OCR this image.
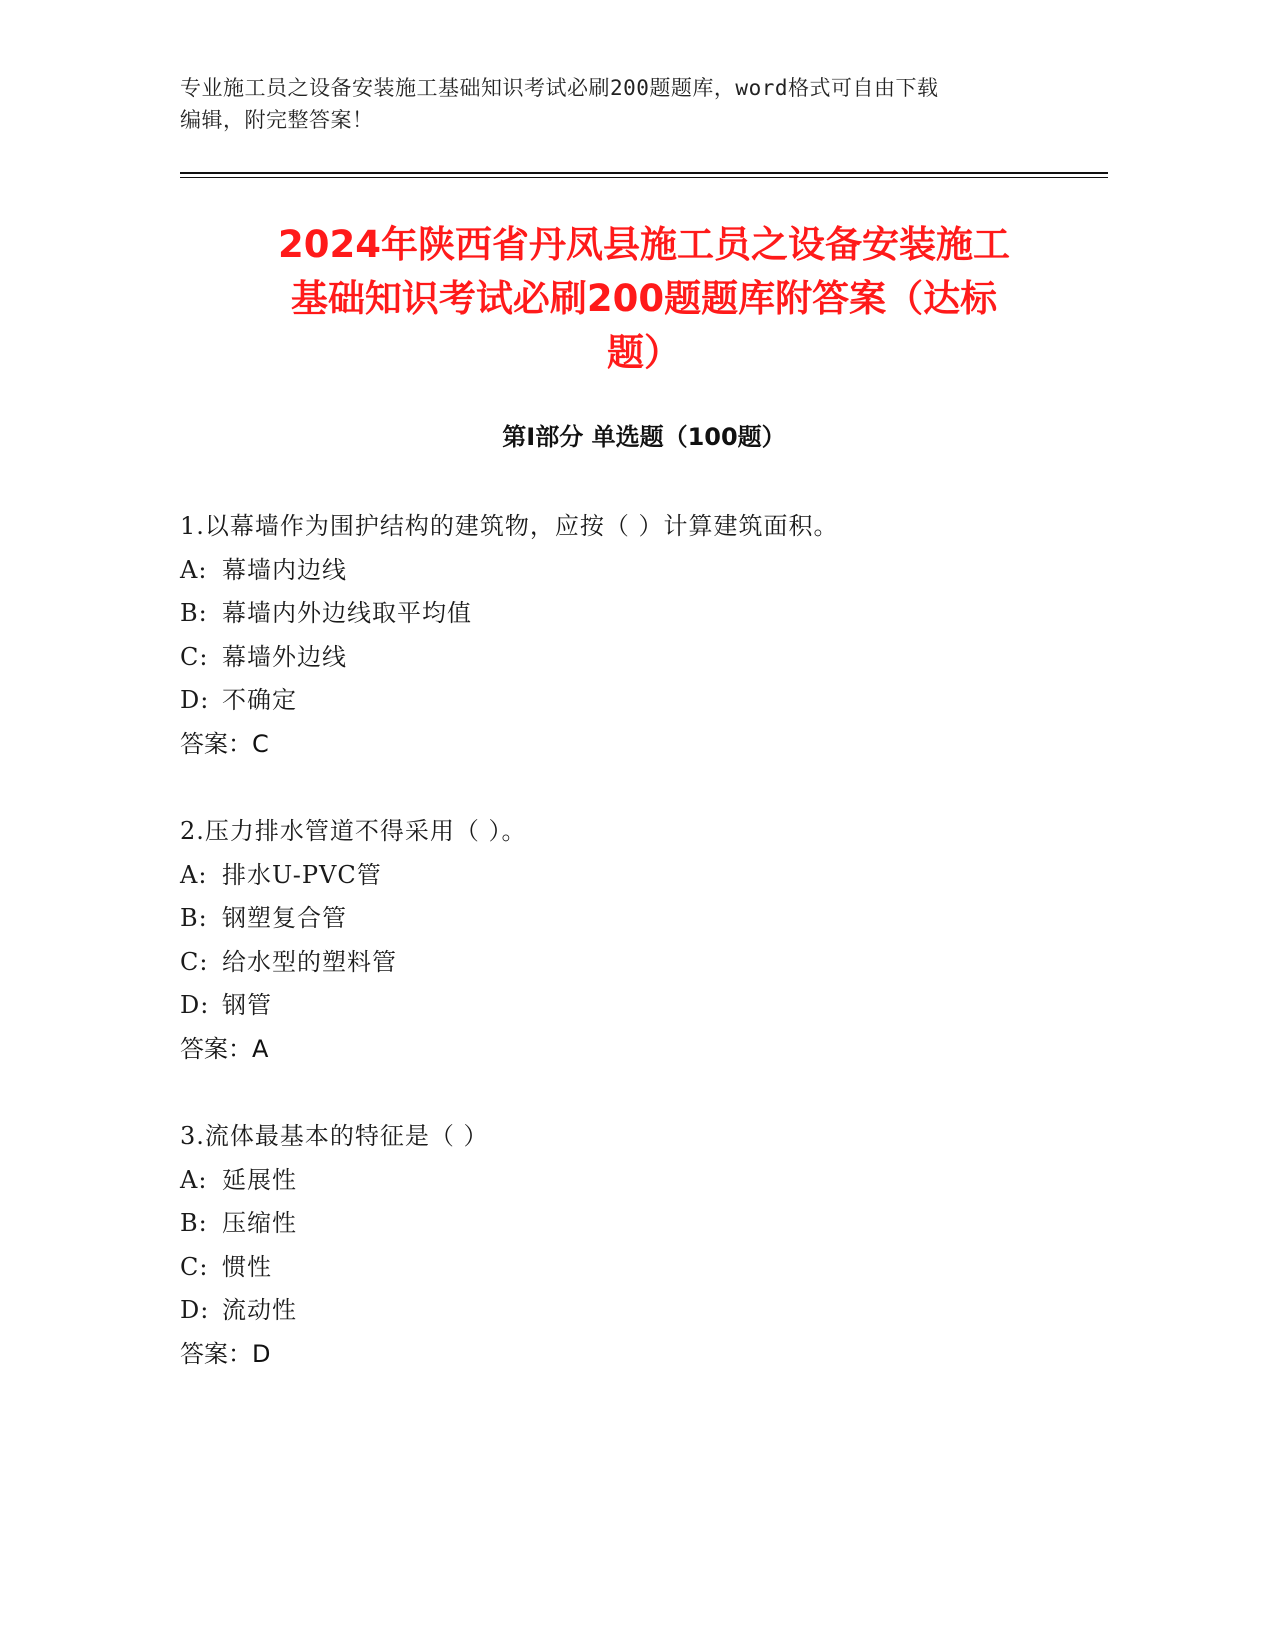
专业施工员之设备安装施工基础知识考试必刷200题题库，word格式可自由下载
编辑，附完整答案！
2024年陕西省丹凤县施工员之设备安装施工
基础知识考试必刷200题题库附答案（达标
题）
第Ⅰ部分 单选题（100题）
1.以幕墙作为围护结构的建筑物，应按（ ）计算建筑面积。
A: 幕墙内边线
B: 幕墙内外边线取平均值
C: 幕墙外边线
D: 不确定
答案：C
2.压力排水管道不得采用（ ）。
A: 排水U-PVC管
B: 钢塑复合管
C: 给水型的塑料管
D: 钢管
答案：A
3.流体最基本的特征是（ ）
A: 延展性
B: 压缩性
C: 惯性
D: 流动性
答案：D
